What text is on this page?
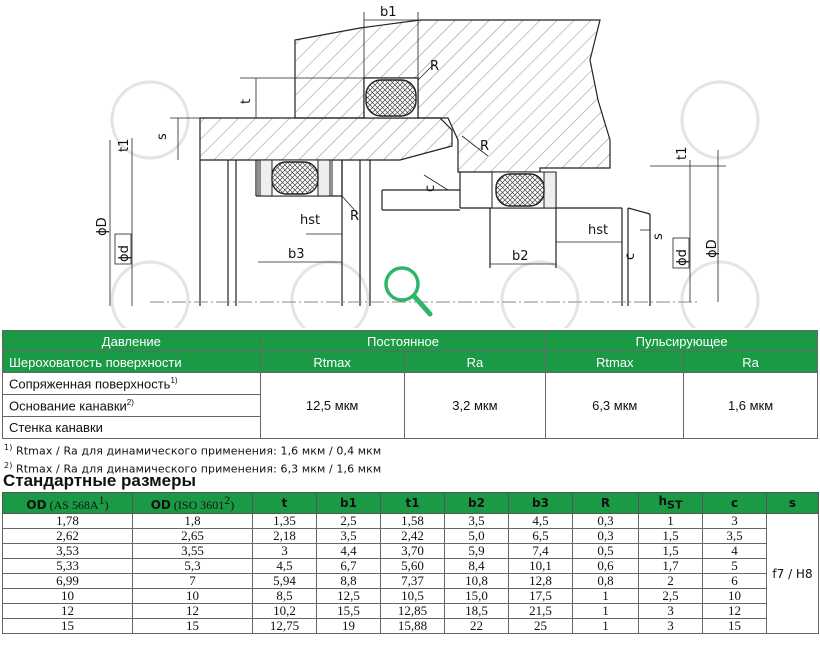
b1
R
t
s
t1
ϕD
ϕd
R
c
hst R
b3
t1
hst
b2
s
c	ϕd ϕD
Давление	Постоянное		Пульсирующее	
Шероховатость поверхности	Rtmax	Ra	Rtmax	Ra
Сопряженная поверхность$^{1)}$	12,5 мкм	3,2 мкм	6,3 мкм	1,6 мкм
Основание канавки$^{2)}$
Стенка канавки				
$^{1)}$ Rtmax / Ra для динамического применения: 1,6 мкм / 0,4 мкм
$^{2)}$ Rtmax / Ra для динамического применения: 6,3 мкм / 1,6 мкм
Стандартные размеры
OD (AS $568A^1$)	OD (ISO 3601$^2$)	t	b1	t1	b2	b3	R	$h_{ST}$	c	s
1,78	1,8	1,35	2,5	1,58	3,5	4,5	0,3	1	3	f7 / H8
2,62	2,65	2,18	3,5	2,42	5,0	6,5	0,3	1,5	3,5	
3,53	3,55	3	4,4	3,70	5,9	7,4	0,5	1,5	4	
5,33	5,3	4,5	6,7	5,60	8,4	10,1	0,6	1,7	5	
6,99	7	5,94	8,8	7,37	10,8	12,8	0,8	2	6	
10	10	8,5	12,5	10,5	15,0	17,5	1	2,5	10	
12	12	10,2	15,5	12,85	18,5	21,5	1	3	12	
15	15	12,75	19	15,88	22	25	1	3	15	
